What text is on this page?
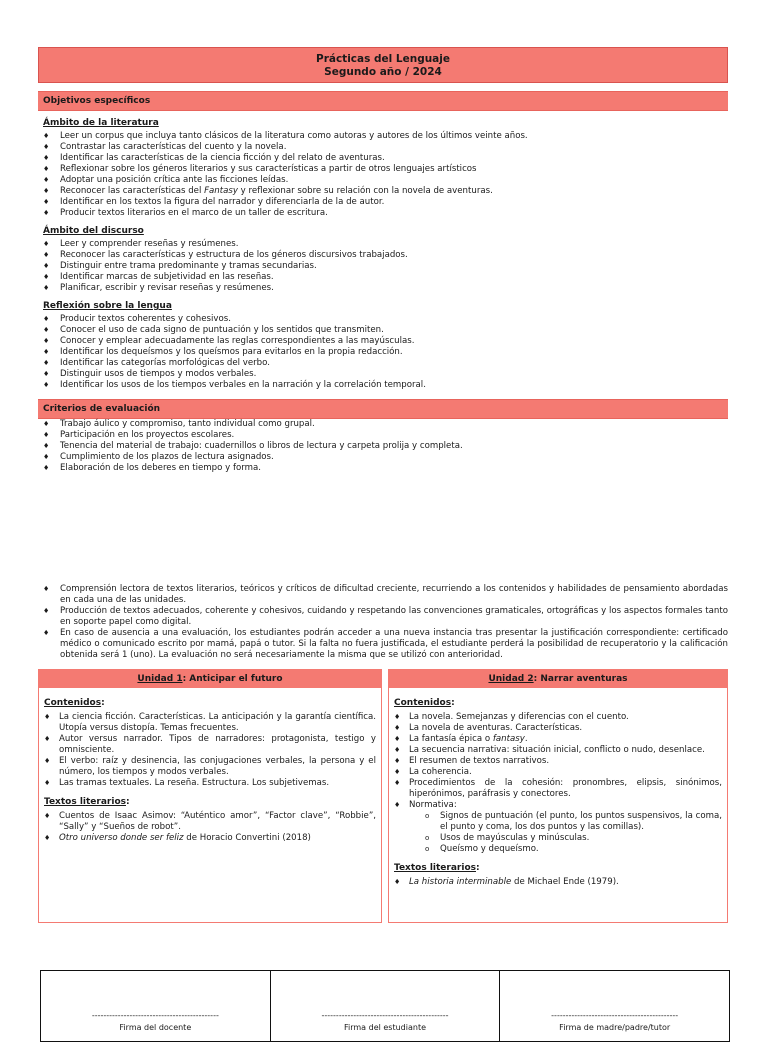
Prácticas del Lenguaje
Segundo año / 2024
Objetivos específicos
Ámbito de la literatura
♦ Leer un corpus que incluya tanto clásicos de la literatura como autoras y autores de los últimos veinte años.
♦ Contrastar las características del cuento y la novela.
♦ Identificar las características de la ciencia ficción y del relato de aventuras.
♦ Reflexionar sobre los géneros literarios y sus características a partir de otros lenguajes artísticos
♦ Adoptar una posición crítica ante las ficciones leídas.
♦ Reconocer las características del Fantasy y reflexionar sobre su relación con la novela de aventuras.
♦ Identificar en los textos la figura del narrador y diferenciarla de la de autor.
♦ Producir textos literarios en el marco de un taller de escritura.
Ámbito del discurso
♦ Leer y comprender reseñas y resúmenes.
♦ Reconocer las características y estructura de los géneros discursivos trabajados.
♦ Distinguir entre trama predominante y tramas secundarias.
♦ Identificar marcas de subjetividad en las reseñas.
♦ Planificar, escribir y revisar reseñas y resúmenes.
Reflexión sobre la lengua
♦ Producir textos coherentes y cohesivos.
♦ Conocer el uso de cada signo de puntuación y los sentidos que transmiten.
♦ Conocer y emplear adecuadamente las reglas correspondientes a las mayúsculas.
♦ Identificar los dequeísmos y los queísmos para evitarlos en la propia redacción.
♦ Identificar las categorías morfológicas del verbo.
♦ Distinguir usos de tiempos y modos verbales.
♦ Identificar los usos de los tiempos verbales en la narración y la correlación temporal.
Criterios de evaluación
♦ Trabajo áulico y compromiso, tanto individual como grupal.
♦ Participación en los proyectos escolares.
♦ Tenencia del material de trabajo: cuadernillos o libros de lectura y carpeta prolija y completa.
♦ Cumplimiento de los plazos de lectura asignados.
♦ Elaboración de los deberes en tiempo y forma.
♦ Comprensión lectora de textos literarios, teóricos y críticos de dificultad creciente, recurriendo a los contenidos y habilidades de pensamiento abordadas en cada una de las unidades.
♦ Producción de textos adecuados, coherente y cohesivos, cuidando y respetando las convenciones gramaticales, ortográficas y los aspectos formales tanto en soporte papel como digital.
♦ En caso de ausencia a una evaluación, los estudiantes podrán acceder a una nueva instancia tras presentar la justificación correspondiente: certificado médico o comunicado escrito por mamá, papá o tutor. Si la falta no fuera justificada, el estudiante perderá la posibilidad de recuperatorio y la calificación obtenida será 1 (uno). La evaluación no será necesariamente la misma que se utilizó con anterioridad.
Unidad 1: Anticipar el futuro
Contenidos:
♦ La ciencia ficción. Características. La anticipación y la garantía científica. Utopía versus distopía. Temas frecuentes.
♦ Autor versus narrador. Tipos de narradores: protagonista, testigo y omnisciente.
♦ El verbo: raíz y desinencia, las conjugaciones verbales, la persona y el número, los tiempos y modos verbales.
♦ Las tramas textuales. La reseña. Estructura. Los subjetivemas.
Textos literarios:
♦ Cuentos de Isaac Asimov: “Auténtico amor”, “Factor clave”, “Robbie”, “Sally” y “Sueños de robot”.
♦ Otro universo donde ser feliz de Horacio Convertini (2018)
Unidad 2: Narrar aventuras
Contenidos:
♦ La novela. Semejanzas y diferencias con el cuento.
♦ La novela de aventuras. Características.
♦ La fantasía épica o fantasy.
♦ La secuencia narrativa: situación inicial, conflicto o nudo, desenlace.
♦ El resumen de textos narrativos.
♦ La coherencia.
♦ Procedimientos de la cohesión: pronombres, elipsis, sinónimos, hiperónimos, paráfrasis y conectores.
♦ Normativa:
o Signos de puntuación (el punto, los puntos suspensivos, la coma, el punto y coma, los dos puntos y las comillas).
o Usos de mayúsculas y minúsculas.
o Queísmo y dequeísmo.
Textos literarios:
♦ La historia interminable de Michael Ende (1979).
--------------------------------------------
Firma del docente
--------------------------------------------
Firma del estudiante
--------------------------------------------
Firma de madre/padre/tutor
